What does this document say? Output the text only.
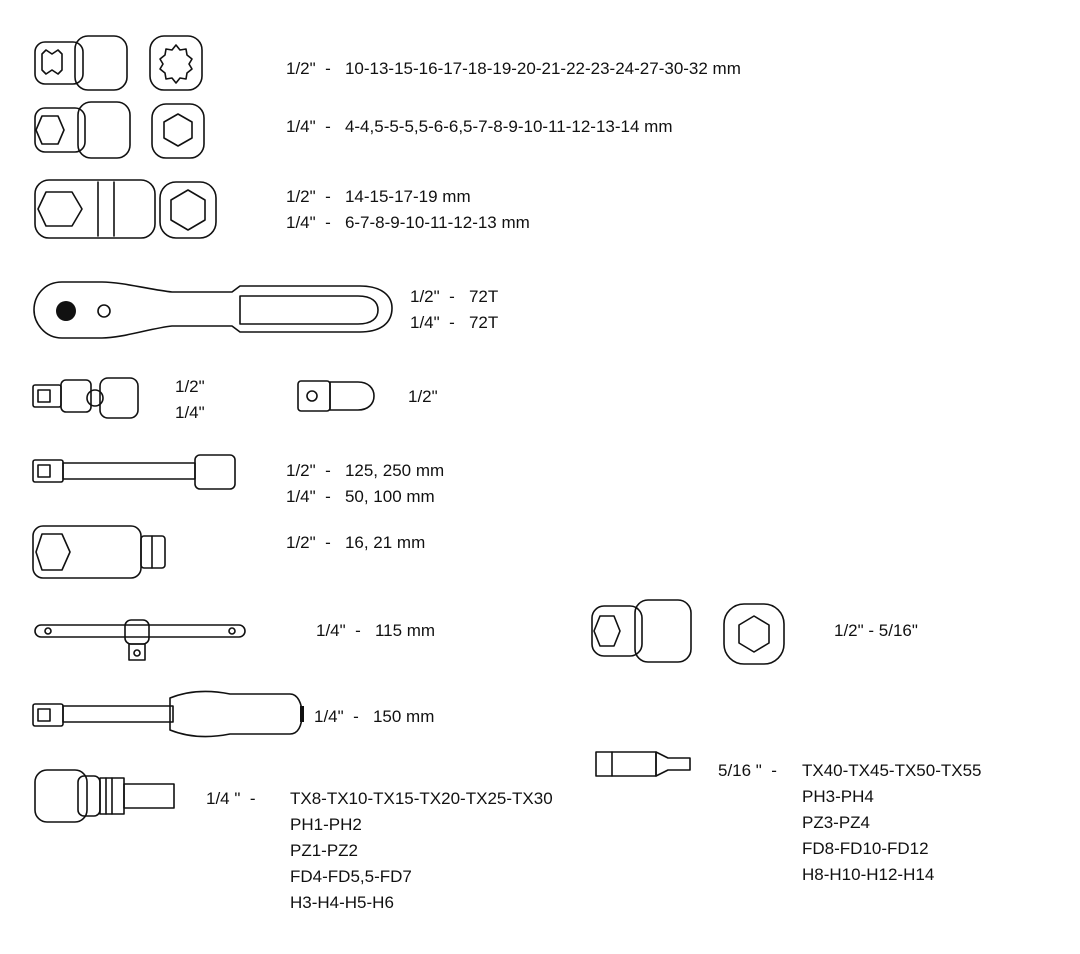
1/2"  -   10-13-15-16-17-18-19-20-21-22-23-24-27-30-32 mm
1/4"  -   4-4,5-5-5,5-6-6,5-7-8-9-10-11-12-13-14 mm
1/2"  -   14-15-17-19 mm
1/4"  -   6-7-8-9-10-11-12-13 mm
1/2"  -   72T
1/4"  -   72T
1/2"
1/4"
1/2"
1/2"  -   125, 250 mm
1/4"  -   50, 100 mm
1/2"  -   16, 21 mm
1/4"  -   115 mm
1/4"  -   150 mm
1/2" - 5/16"
1/4 "  - TX8-TX10-TX15-TX20-TX25-TX30
PH1-PH2
PZ1-PZ2
FD4-FD5,5-FD7
H3-H4-H5-H6
5/16 "  - TX40-TX45-TX50-TX55
PH3-PH4
PZ3-PZ4
FD8-FD10-FD12
H8-H10-H12-H14
